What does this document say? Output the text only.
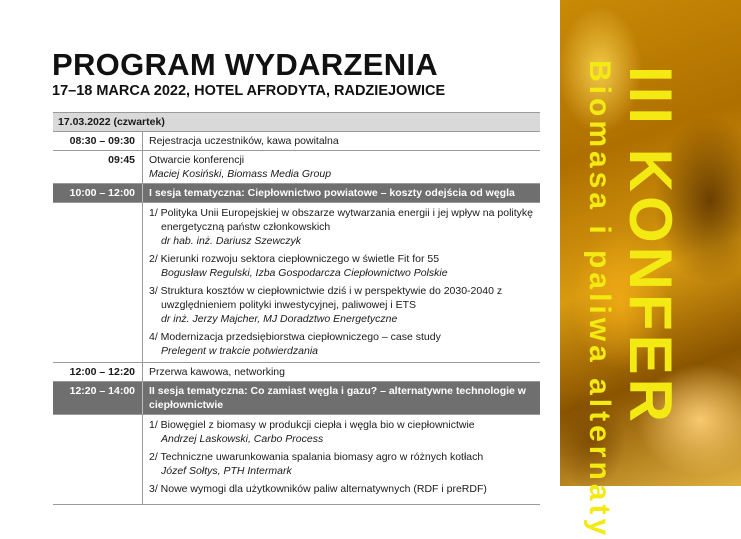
PROGRAM WYDARZENIA
17–18 MARCA 2022, HOTEL AFRODYTA, RADZIEJOWICE
17.03.2022 (czwartek)
08:30 – 09:30	Rejestracja uczestników, kawa powitalna
09:45	Otwarcie konferencji
Maciej Kosiński, Biomass Media Group
10:00 – 12:00	I sesja tematyczna: Ciepłownictwo powiatowe – koszty odejścia od węgla
1/ Polityka Unii Europejskiej w obszarze wytwarzania energii i jej wpływ na politykę energetyczną państw członkowskich
dr hab. inż. Dariusz Szewczyk
2/ Kierunki rozwoju sektora ciepłowniczego w świetle Fit for 55
Bogusław Regulski, Izba Gospodarcza Ciepłownictwo Polskie
3/ Struktura kosztów w ciepłownictwie dziś i w perspektywie do 2030-2040 z uwzględnieniem polityki inwestycyjnej, paliwowej i ETS
dr inż. Jerzy Majcher, MJ Doradztwo Energetyczne
4/ Modernizacja przedsiębiorstwa ciepłowniczego – case study
Prelegent w trakcie potwierdzania
12:00 – 12:20	Przerwa kawowa, networking
12:20 – 14:00	II sesja tematyczna: Co zamiast węgla i gazu? – alternatywne technologie w ciepłownictwie
1/ Biowęgiel z biomasy w produkcji ciepła i węgla bio w ciepłownictwie
Andrzej Laskowski, Carbo Process
2/ Techniczne uwarunkowania spalania biomasy agro w różnych kotłach
Józef Sołtys, PTH Intermark
3/ Nowe wymogi dla użytkowników paliw alternatywnych (RDF i preRDF)
III KONFER
Biomasa i paliwa alternaty
